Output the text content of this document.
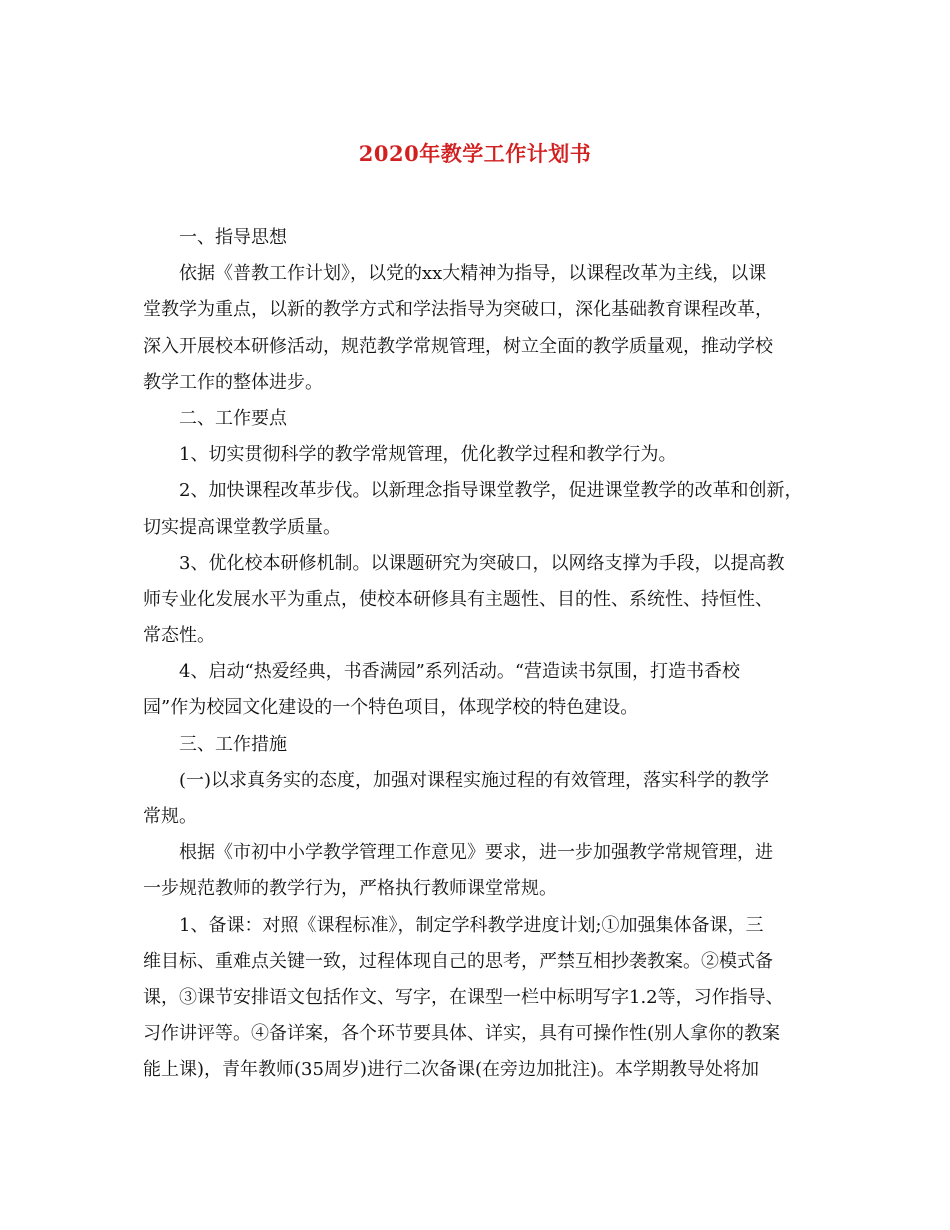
2020年教学工作计划书
一、指导思想
依据《普教工作计划》，以党的xx大精神为指导，以课程改革为主线，以课
堂教学为重点，以新的教学方式和学法指导为突破口，深化基础教育课程改革，
深入开展校本研修活动，规范教学常规管理，树立全面的教学质量观，推动学校
教学工作的整体进步。
二、工作要点
1、切实贯彻科学的教学常规管理，优化教学过程和教学行为。
2、加快课程改革步伐。以新理念指导课堂教学，促进课堂教学的改革和创新，
切实提高课堂教学质量。
3、优化校本研修机制。以课题研究为突破口，以网络支撑为手段，以提高教
师专业化发展水平为重点，使校本研修具有主题性、目的性、系统性、持恒性、
常态性。
4、启动“热爱经典，书香满园”系列活动。“营造读书氛围，打造书香校
园”作为校园文化建设的一个特色项目，体现学校的特色建设。
三、工作措施
(一)以求真务实的态度，加强对课程实施过程的有效管理，落实科学的教学
常规。
根据《市初中小学教学管理工作意见》要求，进一步加强教学常规管理，进
一步规范教师的教学行为，严格执行教师课堂常规。
1、备课：对照《课程标准》，制定学科教学进度计划;①加强集体备课，三
维目标、重难点关键一致，过程体现自己的思考，严禁互相抄袭教案。②模式备
课，③课节安排语文包括作文、写字，在课型一栏中标明写字1.2等，习作指导、
习作讲评等。④备详案，各个环节要具体、详实，具有可操作性(别人拿你的教案
能上课)，青年教师(35周岁)进行二次备课(在旁边加批注)。本学期教导处将加
